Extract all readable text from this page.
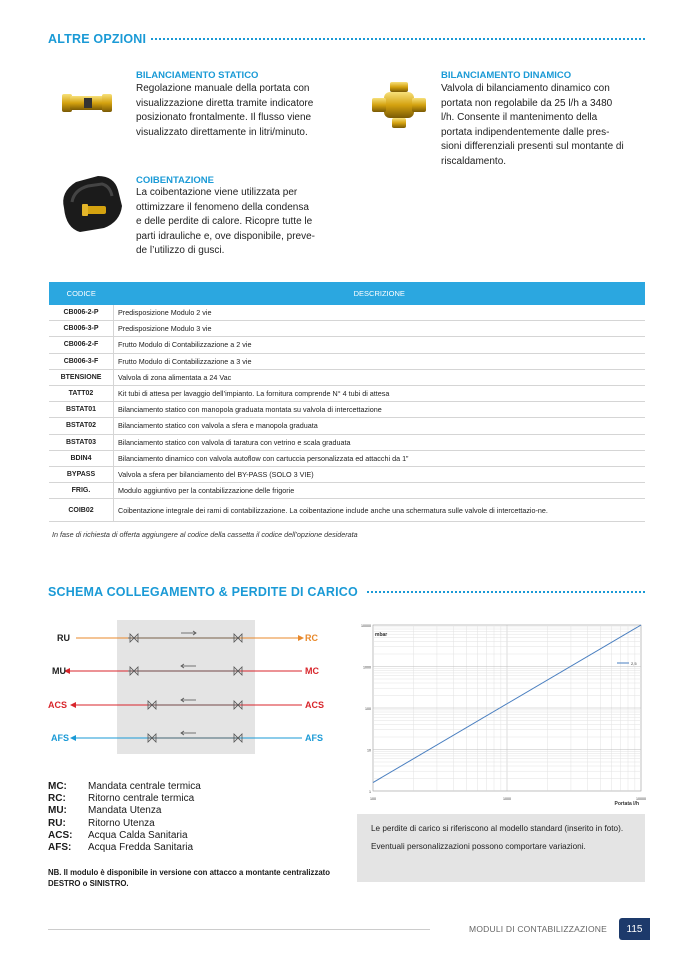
ALTRE OPZIONI
BILANCIAMENTO STATICO
Regolazione manuale della portata con
visualizzazione diretta tramite indicatore
posizionato frontalmente. Il flusso viene
visualizzato direttamente in litri/minuto.
BILANCIAMENTO DINAMICO
Valvola di bilanciamento dinamico con
portata non regolabile da 25 l/h a 3480
l/h. Consente il mantenimento della
portata indipendentemente dalle pres-
sioni differenziali presenti sul montante di
riscaldamento.
COIBENTAZIONE
La coibentazione viene utilizzata per
ottimizzare il fenomeno della condensa
e delle perdite di calore. Ricopre tutte le
parti idrauliche e, ove disponibile, preve-
de l’utilizzo di gusci.
CODICE	DESCRIZIONE
CB006-2-P	Predisposizione Modulo 2 vie
CB006-3-P	Predisposizione Modulo 3 vie
CB006-2-F	Frutto Modulo di Contabilizzazione a 2 vie
CB006-3-F	Frutto Modulo di Contabilizzazione a 3 vie
BTENSIONE	Valvola di zona alimentata a 24 Vac
TATT02	Kit tubi di attesa per lavaggio dell’impianto. La fornitura comprende N° 4 tubi di attesa
BSTAT01	Bilanciamento statico con manopola graduata montata su valvola di intercettazione
BSTAT02	Bilanciamento statico con valvola a sfera e manopola graduata
BSTAT03	Bilanciamento statico con valvola di taratura con vetrino e scala graduata
BDIN4	Bilanciamento dinamico con valvola autoflow con cartuccia personalizzata ed attacchi da 1”
BYPASS	Valvola a sfera per bilanciamento del BY-PASS (SOLO 3 VIE)
FRIG.	Modulo aggiuntivo per la contabilizzazione delle frigorie
COIB02	Coibentazione integrale dei rami di contabilizzazione. La coibentazione include anche una schermatura sulle valvole di intercettazio-ne.
In fase di richiesta di offerta aggiungere al codice della cassetta il codice dell’opzione desiderata
SCHEMA COLLEGAMENTO & PERDITE DI CARICO
RU
MU
ACS
AFS
RC
MC
ACS
AFS
MC: Mandata centrale termica
RC: Ritorno centrale termica
MU: Mandata Utenza
RU: Ritorno Utenza
ACS: Acqua Calda Sanitaria
AFS: Acqua Fredda Sanitaria
NB. Il modulo è disponibile in versione con attacco a montante centralizzato DESTRO o SINISTRO.
10000
1000
100
10
1
100	1000	10000
mbar
Portata l/h
2,5

Le perdite di carico si riferiscono al modello standard (inserito in foto).

Eventuali personalizzazioni possono comportare variazioni.

MODULI DI CONTABILIZZAZIONE	115
